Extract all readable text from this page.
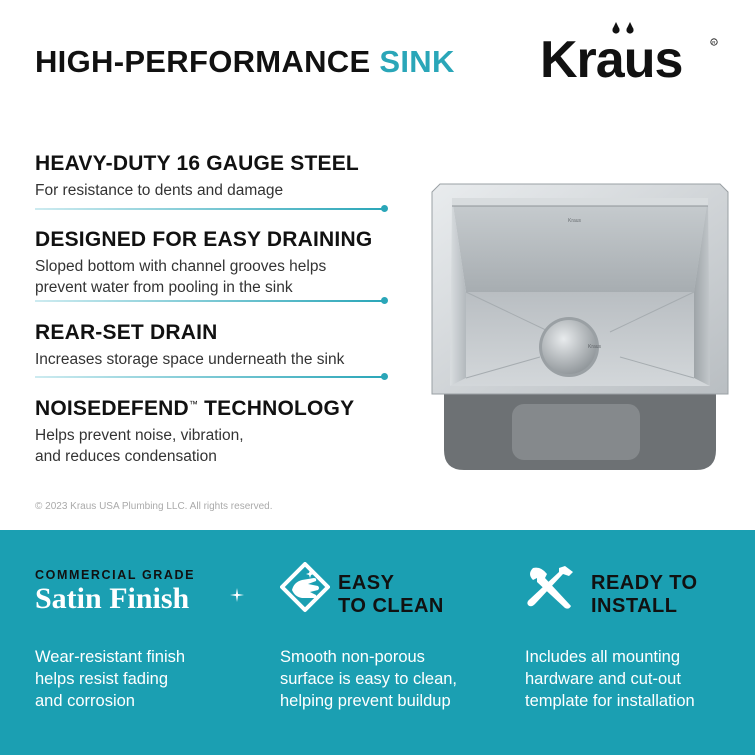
HIGH-PERFORMANCE SINK Kraus	R
HEAVY-DUTY 16 GAUGE STEEL

For resistance to dents and damage

DESIGNED FOR EASY DRAINING

Sloped bottom with channel grooves helps
prevent water from pooling in the sink

REAR-SET DRAIN

Increases storage space underneath the sink

NOISEDEFEND™ TECHNOLOGY

Helps prevent noise, vibration,
and reduces condensation

© 2023 Kraus USA Plumbing LLC. All rights reserved.
Kraus
Kraus
COMMERCIAL GRADE
Satin Finish
Wear-resistant finish
helps resist fading
and corrosion
EASY
TO CLEAN
Smooth non-porous
surface is easy to clean,
helping prevent buildup
READY TO
INSTALL
Includes all mounting
hardware and cut-out
template for installation
